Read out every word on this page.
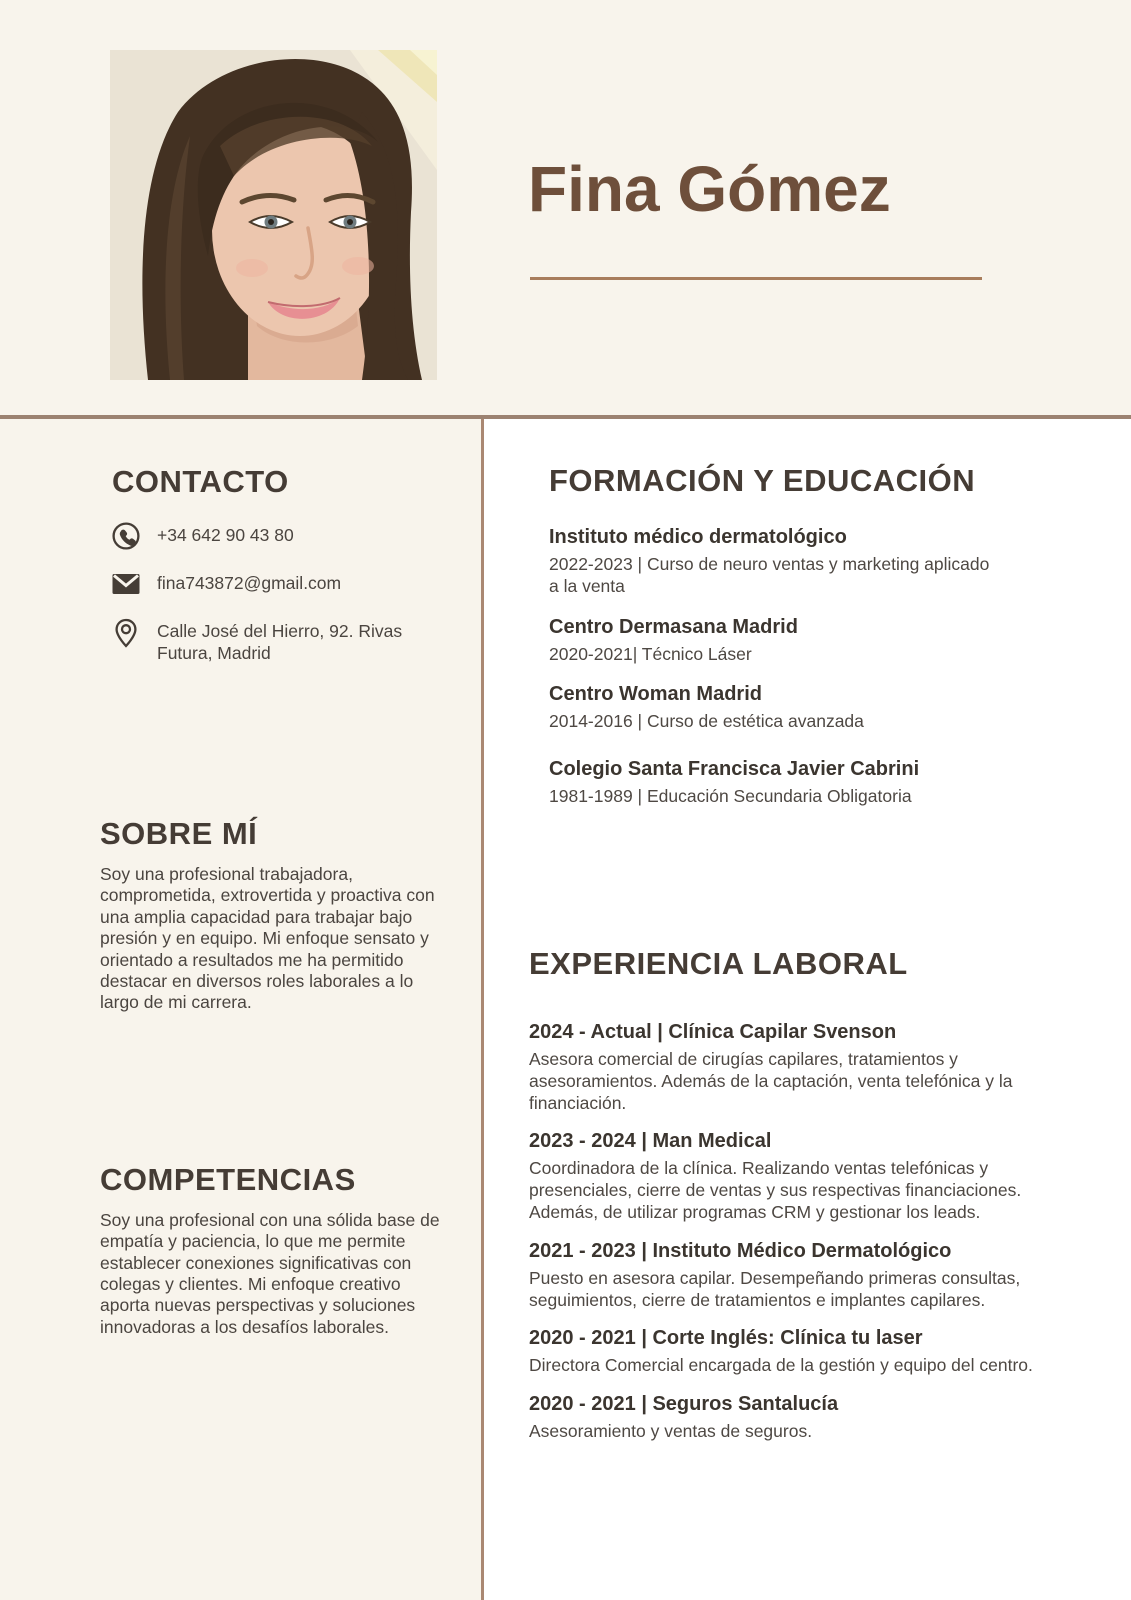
Fina Gómez
CONTACTO
+34 642 90 43 80
fina743872@gmail.com
Calle José del Hierro, 92. Rivas Futura, Madrid
SOBRE MÍ

Soy una profesional trabajadora, comprometida, extrovertida y proactiva con una amplia capacidad para trabajar bajo presión y en equipo. Mi enfoque sensato y orientado a resultados me ha permitido destacar en diversos roles laborales a lo largo de mi carrera.

COMPETENCIAS

Soy una profesional con una sólida base de empatía y paciencia, lo que me permite establecer conexiones significativas con colegas y clientes. Mi enfoque creativo aporta nuevas perspectivas y soluciones innovadoras a los desafíos laborales.

FORMACIÓN Y EDUCACIÓN

Instituto médico dermatológico

2022-2023 | Curso de neuro ventas y marketing aplicado a la venta

Centro Dermasana Madrid

2020-2021| Técnico Láser

Centro Woman Madrid

2014-2016 | Curso de estética avanzada

Colegio Santa Francisca Javier Cabrini

1981-1989 | Educación Secundaria Obligatoria

EXPERIENCIA LABORAL

2024 - Actual | Clínica Capilar Svenson

Asesora comercial de cirugías capilares, tratamientos y asesoramientos. Además de la captación, venta telefónica y la financiación.

2023 - 2024 | Man Medical

Coordinadora de la clínica. Realizando ventas telefónicas y presenciales, cierre de ventas y sus respectivas financiaciones. Además, de utilizar programas CRM y gestionar los leads.

2021 - 2023 | Instituto Médico Dermatológico

Puesto en asesora capilar. Desempeñando primeras consultas, seguimientos, cierre de tratamientos e implantes capilares.

2020 - 2021 | Corte Inglés: Clínica tu laser

Directora Comercial encargada de la gestión y equipo del centro.

2020 - 2021 | Seguros Santalucía

Asesoramiento y ventas de seguros.
